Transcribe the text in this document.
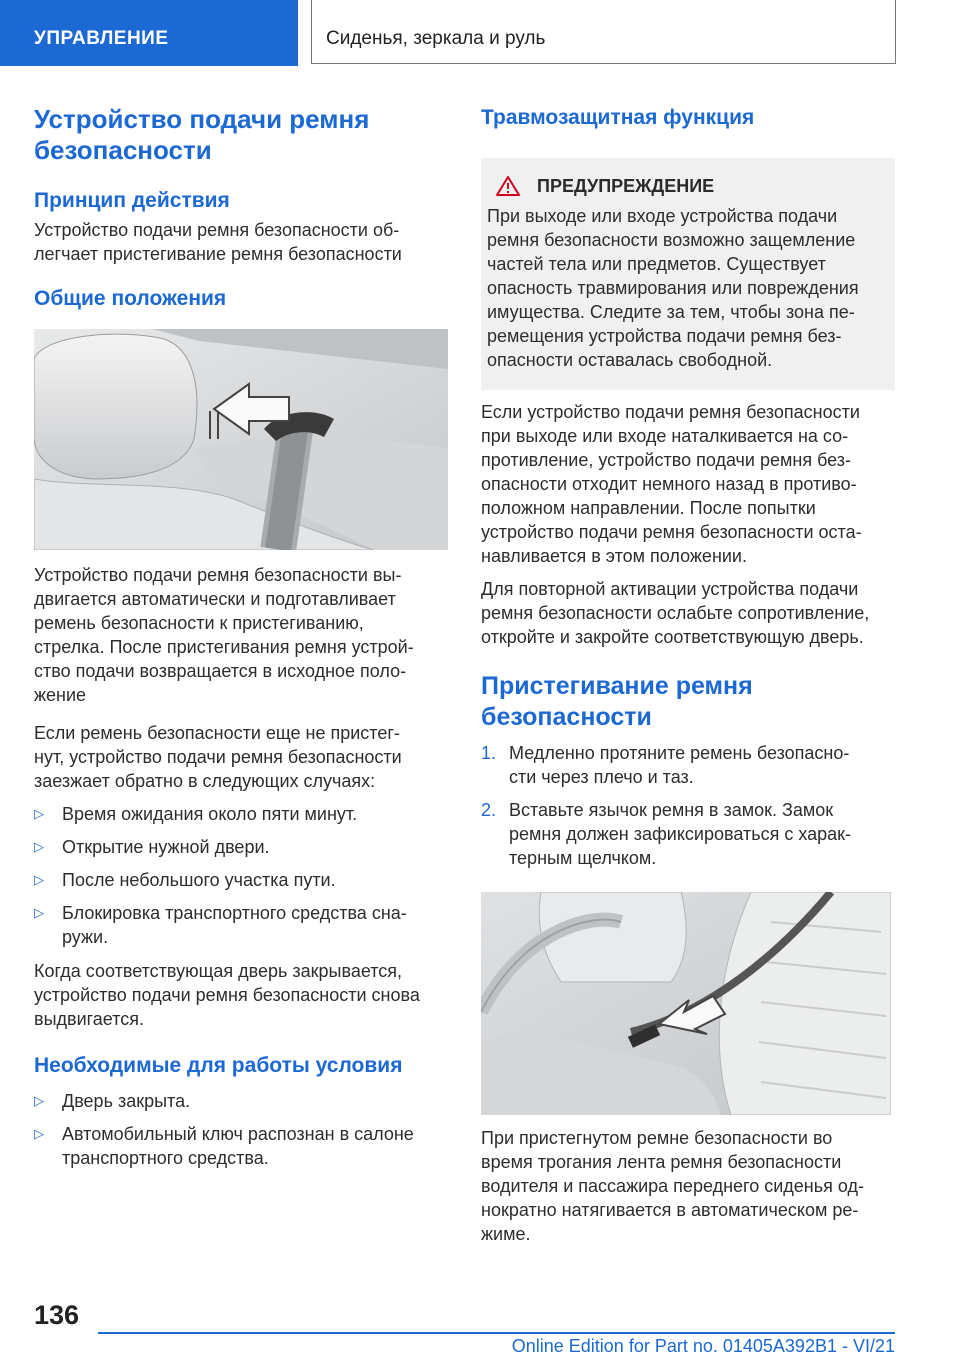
УПРАВЛЕНИЕ	Сиденья, зеркала и руль
Устройство подачи ремня
безопасности
Принцип действия
Устройство подачи ремня безопасности об-
легчает пристегивание ремня безопасности
Общие положения
Устройство подачи ремня безопасности вы-
двигается автоматически и подготавливает
ремень безопасности к пристегиванию,
стрелка. После пристегивания ремня устрой-
ство подачи возвращается в исходное поло-
жение
Если ремень безопасности еще не пристег-
нут, устройство подачи ремня безопасности
заезжает обратно в следующих случаях:
▷	Время ожидания около пяти минут.
▷	Открытие нужной двери.
▷	После небольшого участка пути.
▷	Блокировка транспортного средства сна-
ружи.
Когда соответствующая дверь закрывается,
устройство подачи ремня безопасности снова
выдвигается.
Необходимые для работы условия
▷	Дверь закрыта.
▷	Автомобильный ключ распознан в салоне
транспортного средства.
Травмозащитная функция
ПРЕДУПРЕЖДЕНИЕ
При выходе или входе устройства подачи
ремня безопасности возможно защемление
частей тела или предметов. Существует
опасность травмирования или повреждения
имущества. Следите за тем, чтобы зона пе-
ремещения устройства подачи ремня без-
опасности оставалась свободной.
Если устройство подачи ремня безопасности
при выходе или входе наталкивается на со-
противление, устройство подачи ремня без-
опасности отходит немного назад в противо-
положном направлении. После попытки
устройство подачи ремня безопасности оста-
навливается в этом положении.
Для повторной активации устройства подачи
ремня безопасности ослабьте сопротивление,
откройте и закройте соответствующую дверь.
Пристегивание ремня
безопасности
1. Медленно протяните ремень безопасно-
сти через плечо и таз.
2. Вставьте язычок ремня в замок. Замок
ремня должен зафиксироваться с харак-
терным щелчком.
При пристегнутом ремне безопасности во
время трогания лента ремня безопасности
водителя и пассажира переднего сиденья од-
нократно натягивается в автоматическом ре-
жиме.
136
Online Edition for Part no. 01405A392B1 - VI/21
